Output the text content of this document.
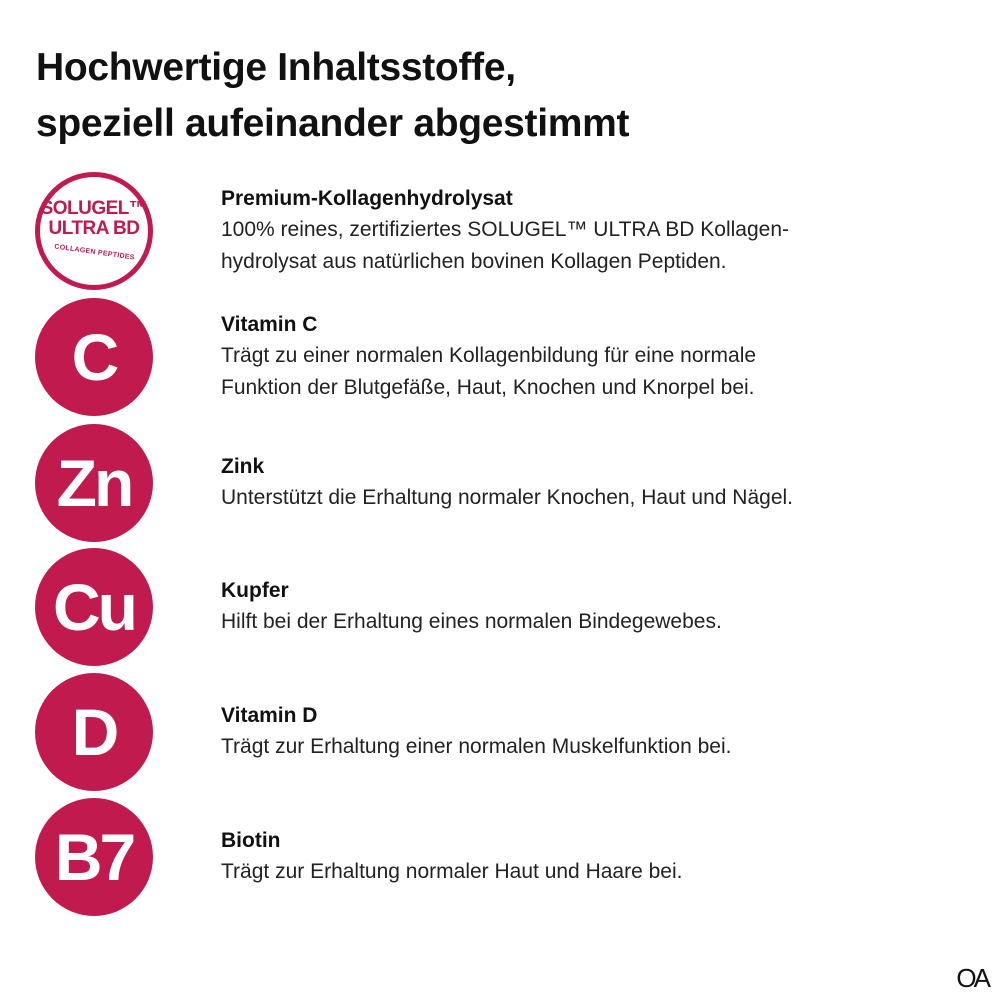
Hochwertige Inhaltsstoffe,
speziell aufeinander abgestimmt
SOLUGEL™
ULTRA BD
COLLAGEN PEPTIDES
Premium-Kollagenhydrolysat
100% reines, zertifiziertes SOLUGEL™ ULTRA BD Kollagen-
hydrolysat aus natürlichen bovinen Kollagen Peptiden.
C	Vitamin C
Trägt zu einer normalen Kollagenbildung für eine normale
Funktion der Blutgefäße, Haut, Knochen und Knorpel bei.
Zn	Zink
Unterstützt die Erhaltung normaler Knochen, Haut und Nägel.
Cu	Kupfer
Hilft bei der Erhaltung eines normalen Bindegewebes.
D	Vitamin D
Trägt zur Erhaltung einer normalen Muskelfunktion bei.
B7	Biotin
Trägt zur Erhaltung normaler Haut und Haare bei.
OA
